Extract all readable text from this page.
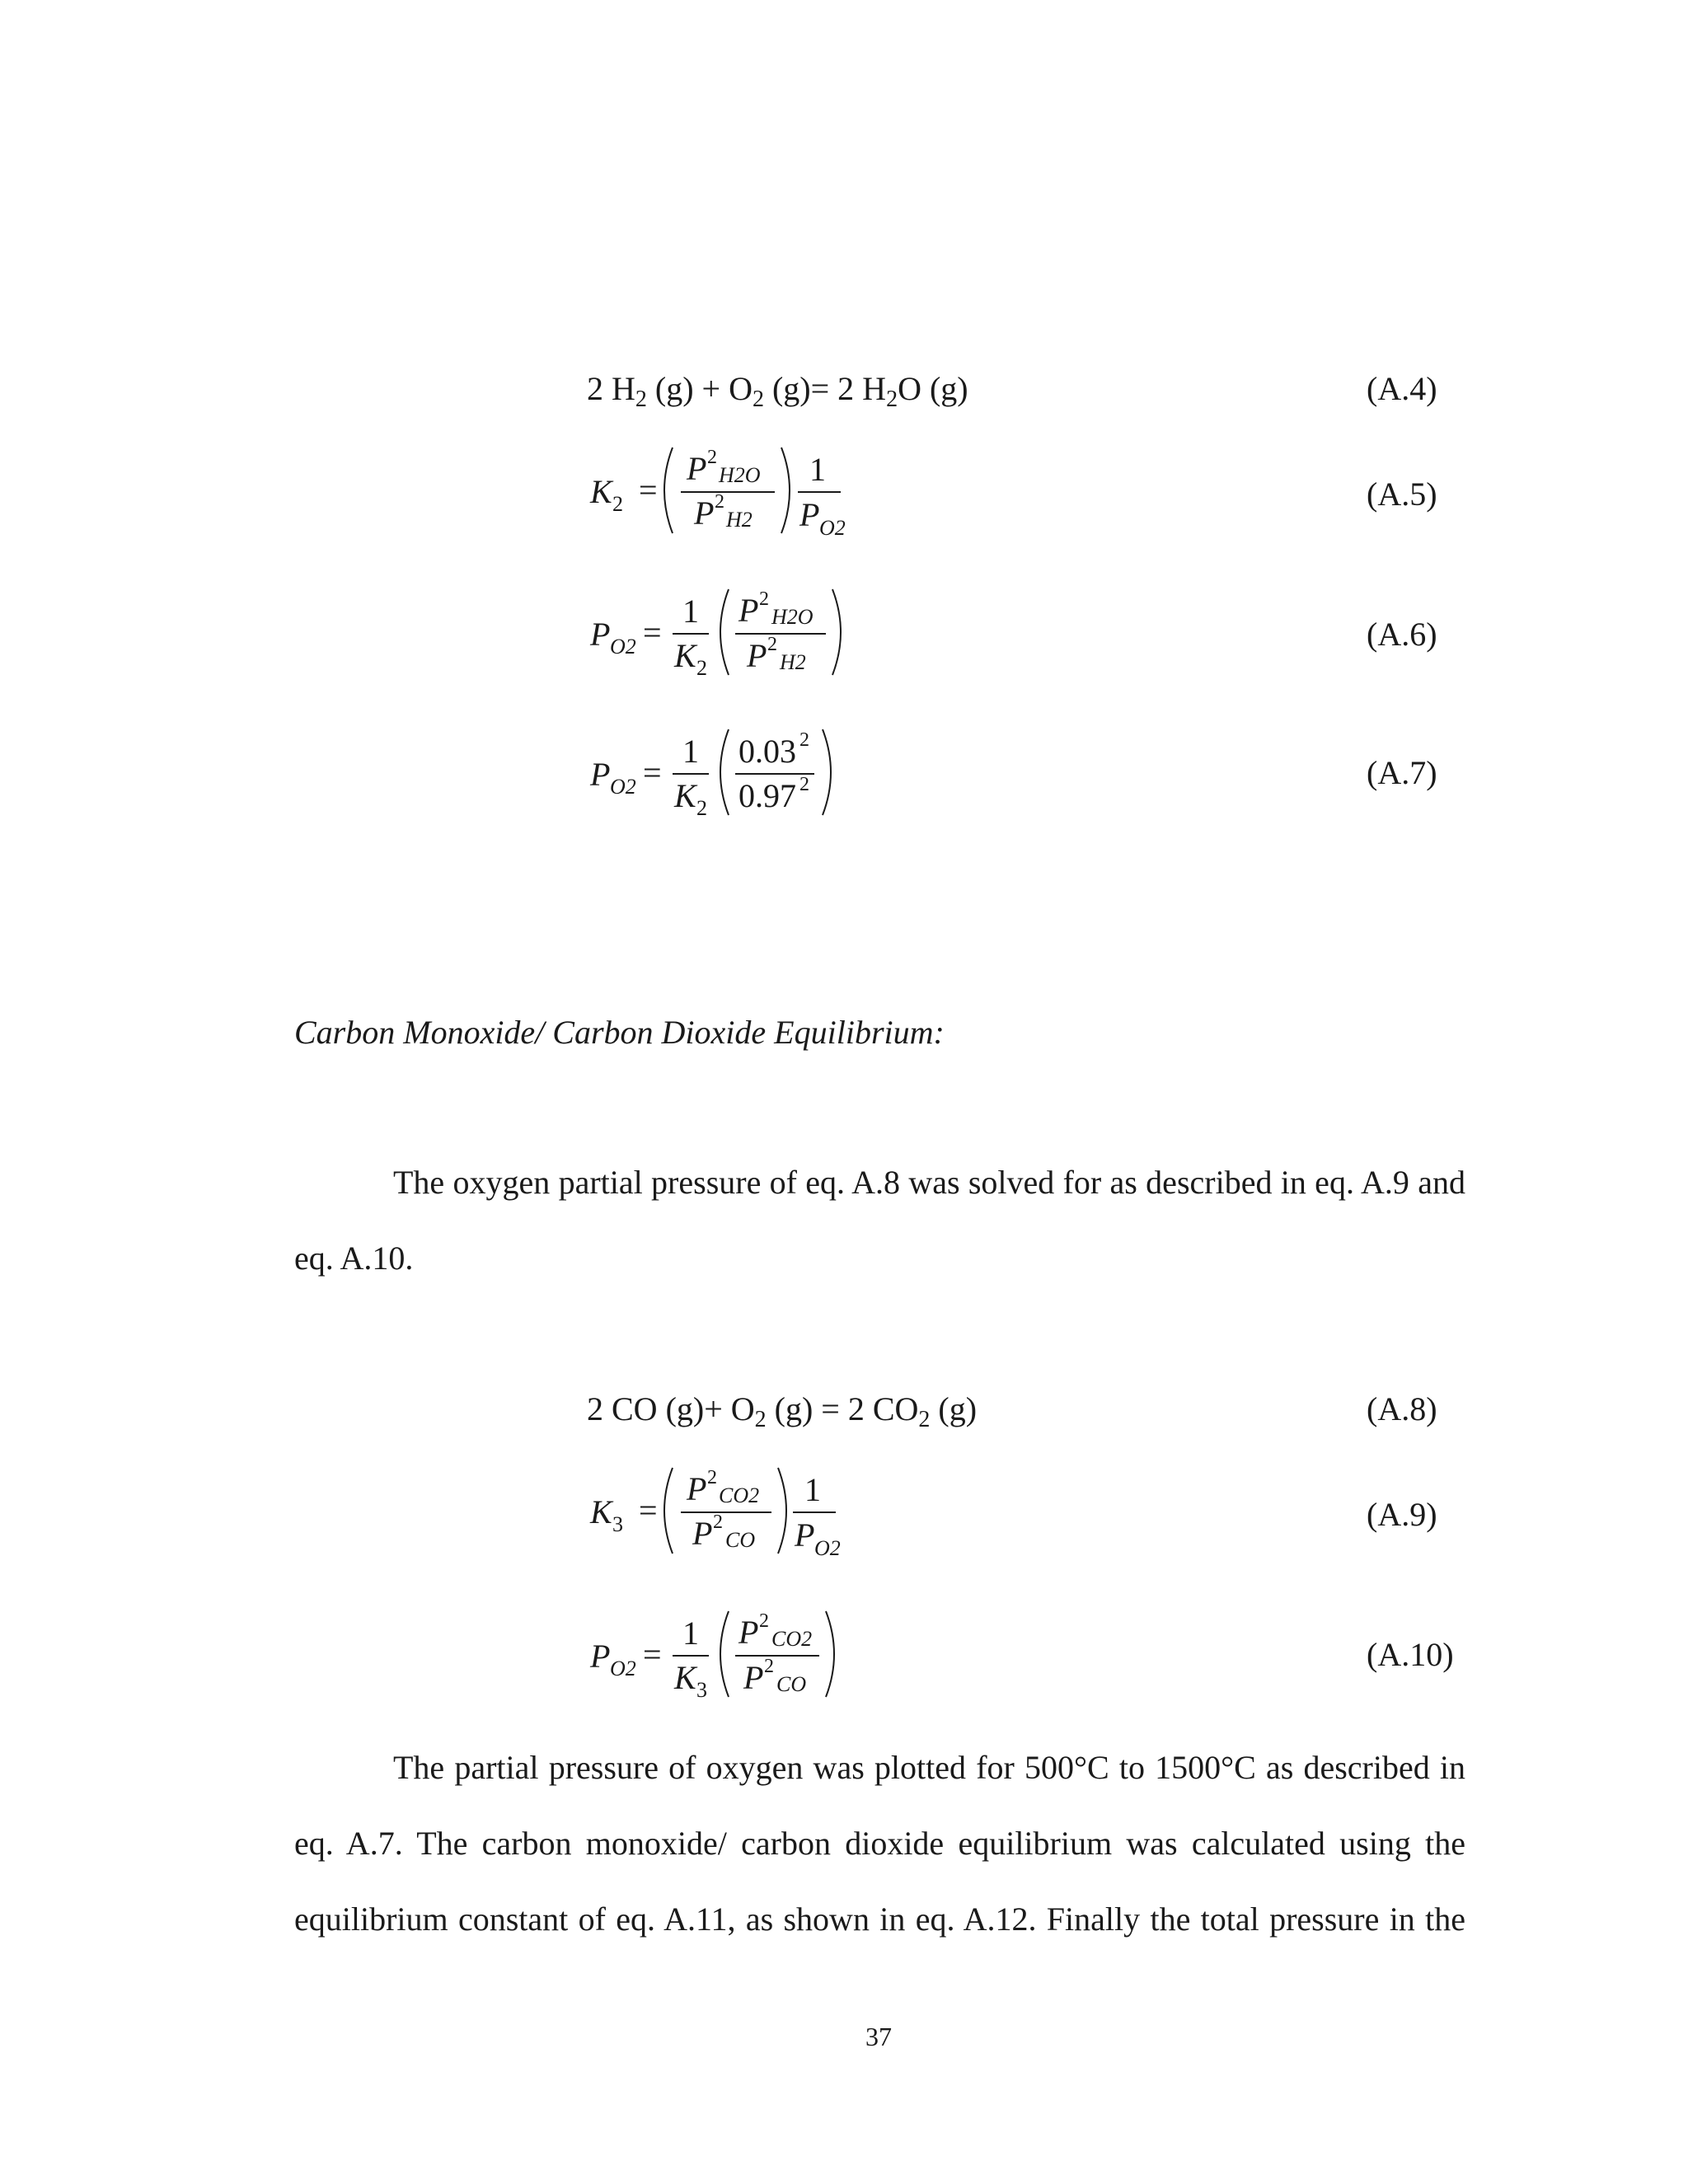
2 $H_2$ $(g) + O_2$ (g)= 2 $H_2O$ (g)	(A.4)
K 2 =
P 2
H2O
P 2
H2
1
P O2
(A.5)
P O2 =
1
K 2
P 2
H2O
P 2
H2
(A.6)
P O2 =
1
K 2
0.03 2
0.97 2	(A.7)
Carbon Monoxide/ Carbon Dioxide Equilibrium:
The oxygen partial pressure of eq. A.8 was solved for as described in eq. A.9 and
eq. A.10.
2 CO $(g)+ O_2$ (g) = 2 $CO_2$ (g)	(A.8)
K 3 =
P 2
CO2
P 2
CO
1
P O2
(A.9)
P O2 =
1
K 3
P 2
CO2
P 2
CO
(A.10)
The partial pressure of oxygen was plotted for 500°C to 1500°C as described in
eq. A.7. The carbon monoxide/ carbon dioxide equilibrium was calculated using the
equilibrium constant of eq. A.11, as shown in eq. A.12. Finally the total pressure in the
37
